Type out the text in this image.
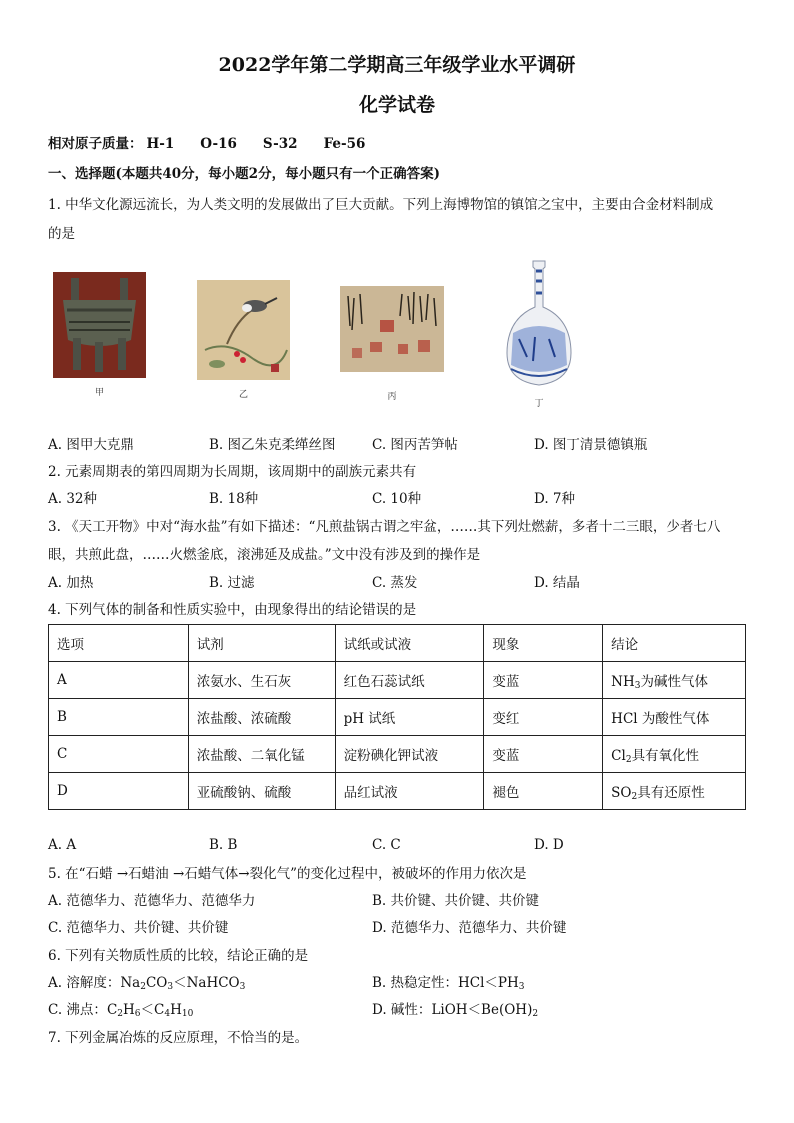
2022学年第二学期高三年级学业水平调研
化学试卷
相对原子质量： H-1 O-16 S-32 Fe-56
一、选择题(本题共40分，每小题2分，每小题只有一个正确答案)
1. 中华文化源远流长，为人类文明的发展做出了巨大贡献。下列上海博物馆的镇馆之宝中，主要由合金材料制成
的是
甲	乙	丙
丁
A. 图甲大克鼎	B. 图乙朱克柔缂丝图	C. 图丙苦笋帖	D. 图丁清景德镇瓶
2. 元素周期表的第四周期为长周期，该周期中的副族元素共有
A. 32种	B. 18种	C. 10种	D. 7种
3. 《天工开物》中对“海水盐”有如下描述：“凡煎盐锅古谓之牢盆，……其下列灶燃薪，多者十二三眼，少者七八
眼，共煎此盘，……火燃釜底，滚沸延及成盐。”文中没有涉及到的操作是
A. 加热	B. 过滤	C. 蒸发	D. 结晶
4. 下列气体的制备和性质实验中，由现象得出的结论错误的是
选项	试剂	试纸或试液	现象	结论
A	浓氨水、生石灰	红色石蕊试纸	变蓝	$NH_3$为碱性气体
B	浓盐酸、浓硫酸	pH 试纸	变红	HCl 为酸性气体
C	浓盐酸、二氧化锰	淀粉碘化钾试液	变蓝	$Cl_2$具有氧化性
D	亚硫酸钠、硫酸	品红试液	褪色	$SO_2$具有还原性
A. A	B. B	C. C	D. D
5. 在“石蜡 →石蜡油 →石蜡气体→裂化气”的变化过程中，被破坏的作用力依次是
A. 范德华力、范德华力、范德华力	B. 共价键、共价键、共价键
C. 范德华力、共价键、共价键	D. 范德华力、范德华力、共价键
6. 下列有关物质性质的比较，结论正确的是
A. 溶解度：$Na_2CO_3<NaHCO_3$	B. 热稳定性：$HCl<PH_3$
C. 沸点：$C_2H_6<C_4H_{10}$	D. 碱性：$LiOH<Be(OH)_2$
7. 下列金属冶炼的反应原理，不恰当的是。
